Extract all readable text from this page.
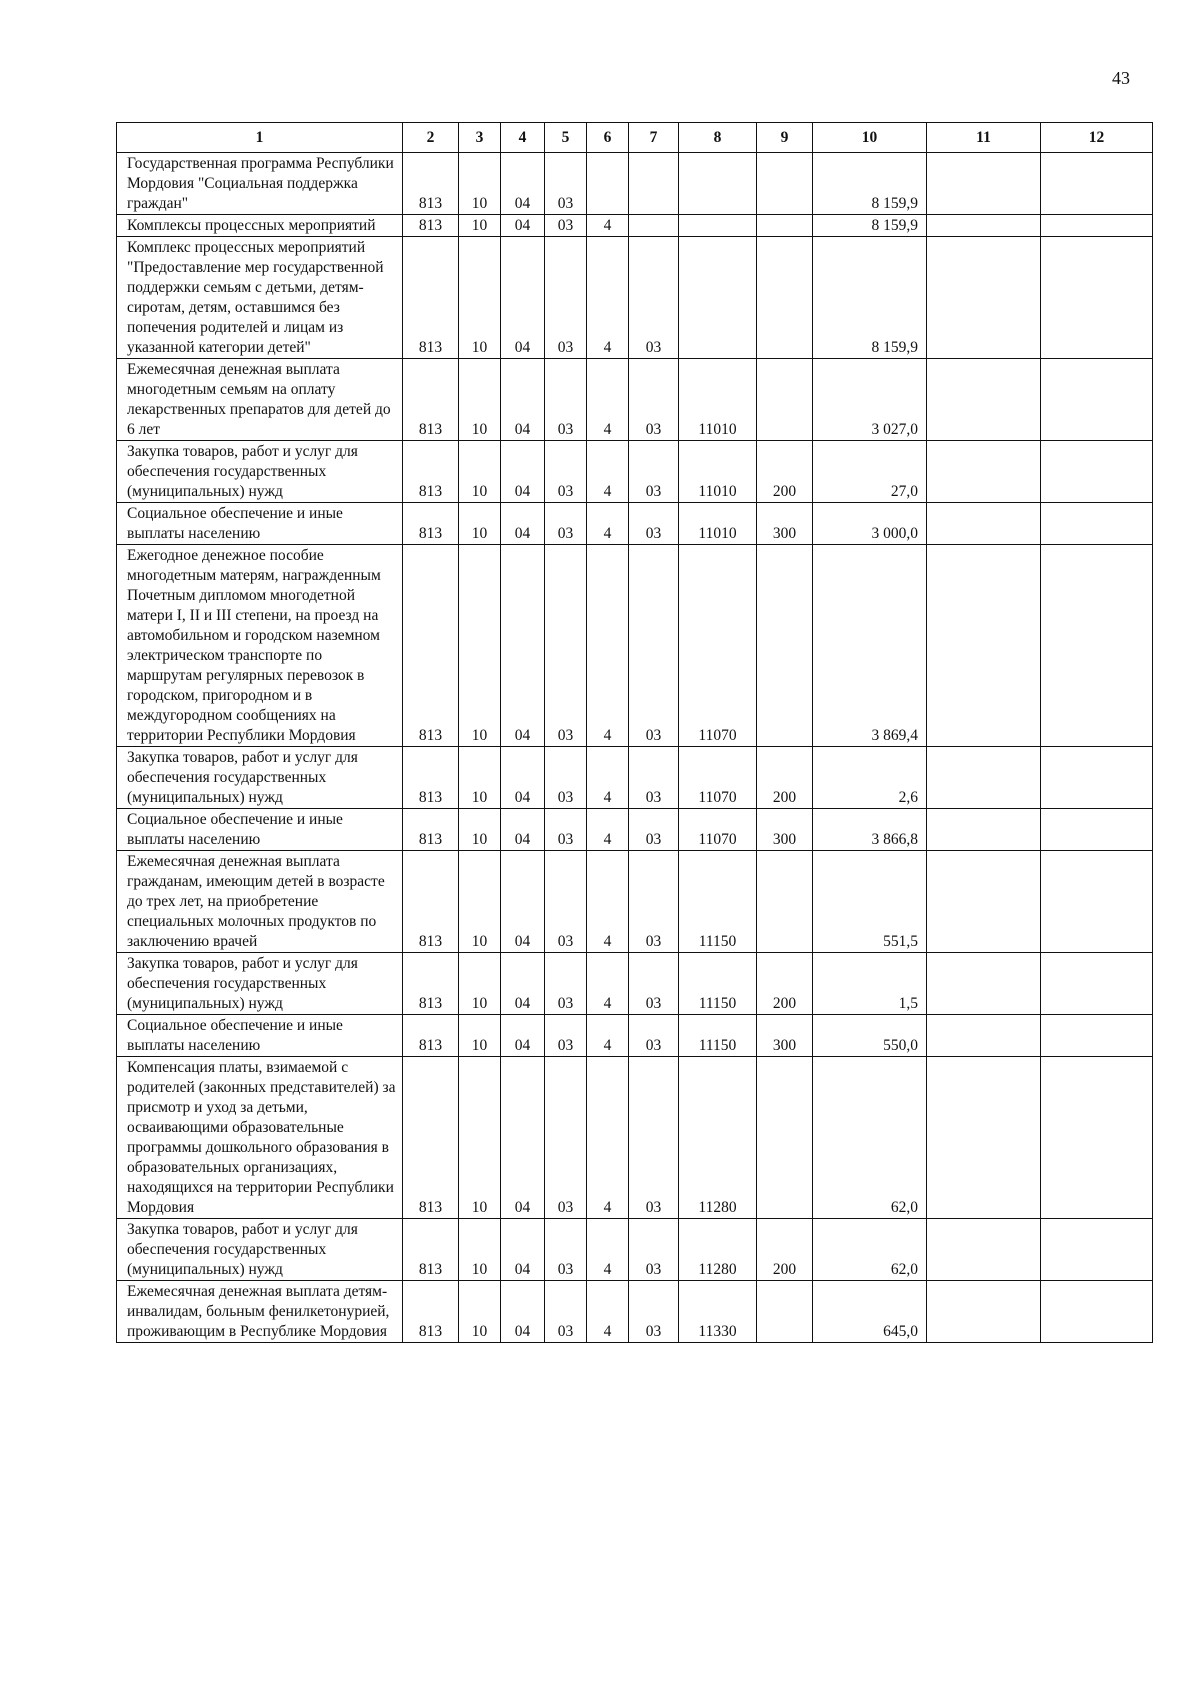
43
1	2	3	4	5	6	7	8	9	10	11	12
Государственная программа Республики Мордовия "Социальная поддержка граждан"	813	10	04	03					8 159,9		
Комплексы процессных мероприятий	813	10	04	03	4				8 159,9		
Комплекс процессных мероприятий "Предоставление мер государственной поддержки семьям с детьми, детям-сиротам, детям, оставшимся без попечения родителей и лицам из указанной категории детей"	813	10	04	03	4	03			8 159,9		
Ежемесячная денежная выплата многодетным семьям на оплату лекарственных препаратов для детей до 6 лет	813	10	04	03	4	03	11010		3 027,0		
Закупка товаров, работ и услуг для обеспечения государственных (муниципальных) нужд	813	10	04	03	4	03	11010	200	27,0		
Социальное обеспечение и иные выплаты населению	813	10	04	03	4	03	11010	300	3 000,0		
Ежегодное денежное пособие многодетным матерям, награжденным Почетным дипломом многодетной матери I, II и III степени, на проезд на автомобильном и городском наземном электрическом транспорте по маршрутам регулярных перевозок в городском, пригородном и в междугородном сообщениях на территории Республики Мордовия	813	10	04	03	4	03	11070		3 869,4		
Закупка товаров, работ и услуг для обеспечения государственных (муниципальных) нужд	813	10	04	03	4	03	11070	200	2,6		
Социальное обеспечение и иные выплаты населению	813	10	04	03	4	03	11070	300	3 866,8		
Ежемесячная денежная выплата гражданам, имеющим детей в возрасте до трех лет, на приобретение специальных молочных продуктов по заключению врачей	813	10	04	03	4	03	11150		551,5		
Закупка товаров, работ и услуг для обеспечения государственных (муниципальных) нужд	813	10	04	03	4	03	11150	200	1,5		
Социальное обеспечение и иные выплаты населению	813	10	04	03	4	03	11150	300	550,0		
Компенсация платы, взимаемой с родителей (законных представителей) за присмотр и уход за детьми, осваивающими образовательные программы дошкольного образования в образовательных организациях, находящихся на территории Республики Мордовия	813	10	04	03	4	03	11280		62,0		
Закупка товаров, работ и услуг для обеспечения государственных (муниципальных) нужд	813	10	04	03	4	03	11280	200	62,0		
Ежемесячная денежная выплата детям-инвалидам, больным фенилкетонурией, проживающим в Республике Мордовия	813	10	04	03	4	03	11330		645,0		
